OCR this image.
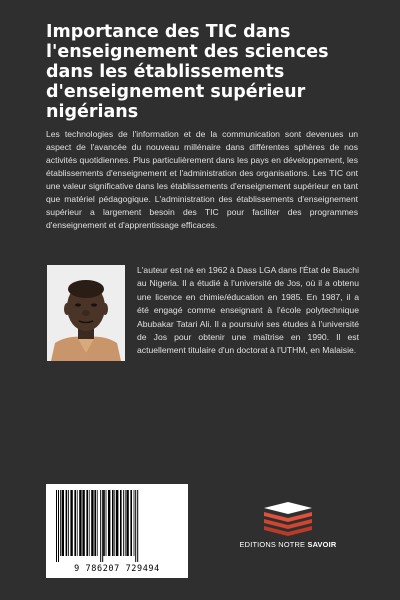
Importance des TIC dans l'enseignement des sciences dans les établissements d'enseignement supérieur nigérians

Les technologies de l'information et de la communication sont devenues un aspect de l'avancée du nouveau millénaire dans différentes sphères de nos activités quotidiennes. Plus particulièrement dans les pays en développement, les établissements d'enseignement et l'administration des organisations. Les TIC ont une valeur significative dans les établissements d'enseignement supérieur en tant que matériel pédagogique. L'administration des établissements d'enseignement supérieur a largement besoin des TIC pour faciliter des programmes d'enseignement et d'apprentissage efficaces.

L'auteur est né en 1962 à Dass LGA dans l'État de Bauchi au Nigeria. Il a étudié à l'université de Jos, où il a obtenu une licence en chimie/éducation en 1985. En 1987, il a été engagé comme enseignant à l'école polytechnique Abubakar Tatari Ali. Il a poursuivi ses études à l'université de Jos pour obtenir une maîtrise en 1990. Il est actuellement titulaire d'un doctorat à l'UTHM, en Malaisie.

9 786207 729494
EDITIONS NOTRE SAVOIR
